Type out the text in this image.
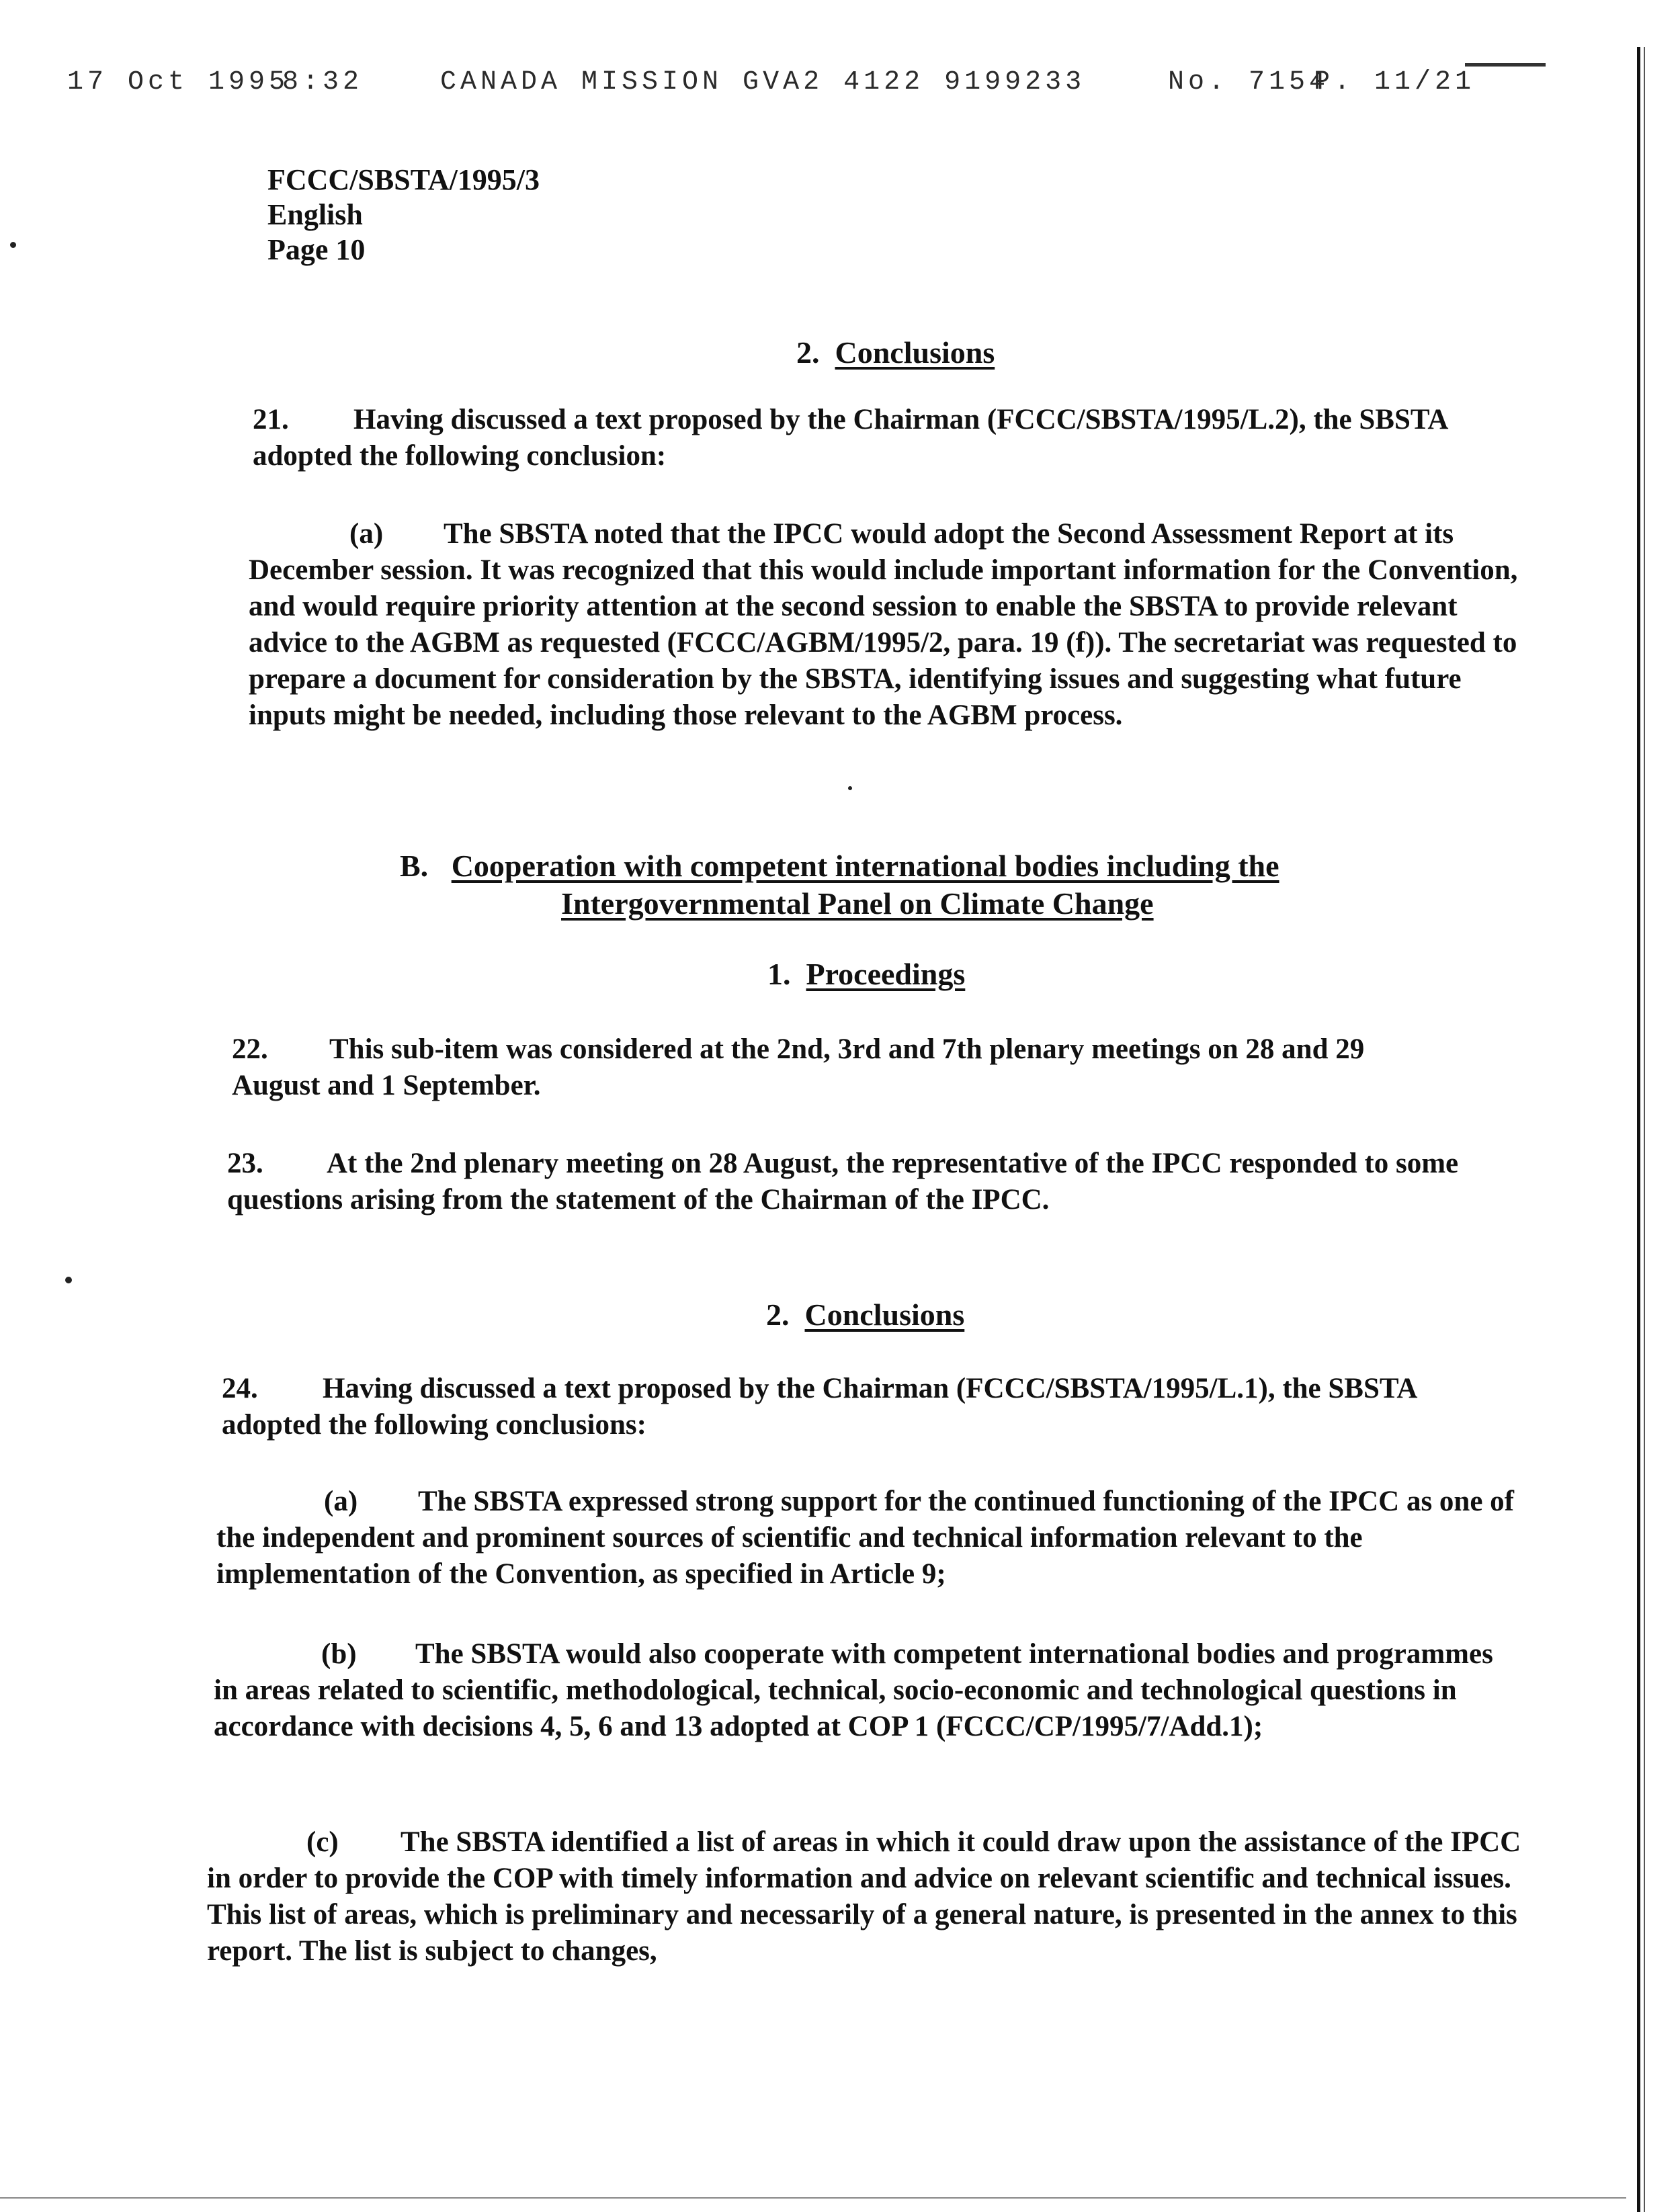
17 Oct 1995
8:32	CANADA MISSION GVA2 4122 9199233	No. 7154
P. 11/21
FCCC/SBSTA/1995/3
English
Page 10
2. Conclusions

21. Having discussed a text proposed by the Chairman (FCCC/SBSTA/1995/L.2), the SBSTA adopted the following conclusion:

(a) The SBSTA noted that the IPCC would adopt the Second Assessment Report at its December session. It was recognized that this would include important information for the Convention, and would require priority attention at the second session to enable the SBSTA to provide relevant advice to the AGBM as requested (FCCC/AGBM/1995/2, para. 19 (f)). The secretariat was requested to prepare a document for consideration by the SBSTA, identifying issues and suggesting what future inputs might be needed, including those relevant to the AGBM process.

B. Cooperation with competent international bodies including the
Intergovernmental Panel on Climate Change
1. Proceedings

22. This sub-item was considered at the 2nd, 3rd and 7th plenary meetings on 28 and 29 August and 1 September.

23. At the 2nd plenary meeting on 28 August, the representative of the IPCC responded to some questions arising from the statement of the Chairman of the IPCC.

2. Conclusions

24. Having discussed a text proposed by the Chairman (FCCC/SBSTA/1995/L.1), the SBSTA adopted the following conclusions:

(a) The SBSTA expressed strong support for the continued functioning of the IPCC as one of the independent and prominent sources of scientific and technical information relevant to the implementation of the Convention, as specified in Article 9;

(b) The SBSTA would also cooperate with competent international bodies and programmes in areas related to scientific, methodological, technical, socio-economic and technological questions in accordance with decisions 4, 5, 6 and 13 adopted at COP 1 (FCCC/CP/1995/7/Add.1);

(c) The SBSTA identified a list of areas in which it could draw upon the assistance of the IPCC in order to provide the COP with timely information and advice on relevant scientific and technical issues. This list of areas, which is preliminary and necessarily of a general nature, is presented in the annex to this report. The list is subject to changes,
